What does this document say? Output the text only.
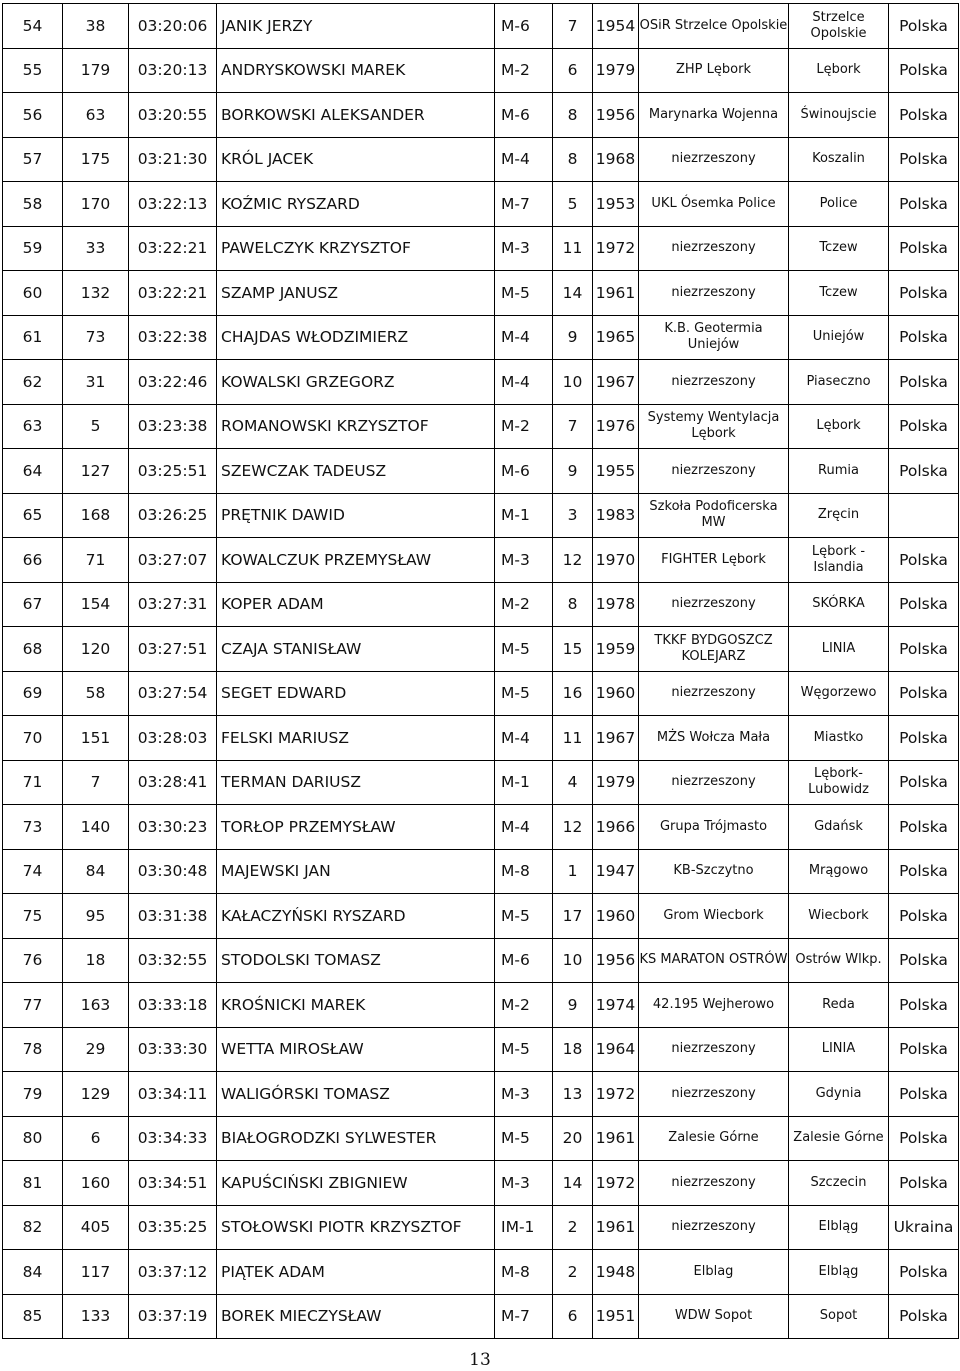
54	38	03:20:06	JANIK JERZY	M-6	7	1954	OSiR Strzelce Opolskie	Strzelce Opolskie	Polska
55	179	03:20:13	ANDRYSKOWSKI MAREK	M-2	6	1979	ZHP Lębork	Lębork	Polska
56	63	03:20:55	BORKOWSKI ALEKSANDER	M-6	8	1956	Marynarka Wojenna	Świnoujscie	Polska
57	175	03:21:30	KRÓL JACEK	M-4	8	1968	niezrzeszony	Koszalin	Polska
58	170	03:22:13	KOŹMIC RYSZARD	M-7	5	1953	UKL Ósemka Police	Police	Polska
59	33	03:22:21	PAWELCZYK KRZYSZTOF	M-3	11	1972	niezrzeszony	Tczew	Polska
60	132	03:22:21	SZAMP JANUSZ	M-5	14	1961	niezrzeszony	Tczew	Polska
61	73	03:22:38	CHAJDAS WŁODZIMIERZ	M-4	9	1965	K.B. Geotermia Uniejów	Uniejów	Polska
62	31	03:22:46	KOWALSKI GRZEGORZ	M-4	10	1967	niezrzeszony	Piaseczno	Polska
63	5	03:23:38	ROMANOWSKI KRZYSZTOF	M-2	7	1976	Systemy Wentylacja Lębork	Lębork	Polska
64	127	03:25:51	SZEWCZAK TADEUSZ	M-6	9	1955	niezrzeszony	Rumia	Polska
65	168	03:26:25	PRĘTNIK DAWID	M-1	3	1983	Szkoła Podoficerska MW	Zręcin	
66	71	03:27:07	KOWALCZUK PRZEMYSŁAW	M-3	12	1970	FIGHTER Lębork	Lębork - Islandia	Polska
67	154	03:27:31	KOPER ADAM	M-2	8	1978	niezrzeszony	SKÓRKA	Polska
68	120	03:27:51	CZAJA STANISŁAW	M-5	15	1959	TKKF BYDGOSZCZ KOLEJARZ	LINIA	Polska
69	58	03:27:54	SEGET EDWARD	M-5	16	1960	niezrzeszony	Węgorzewo	Polska
70	151	03:28:03	FELSKI MARIUSZ	M-4	11	1967	MŻS Wołcza Mała	Miastko	Polska
71	7	03:28:41	TERMAN DARIUSZ	M-1	4	1979	niezrzeszony	Lębork-Lubowidz	Polska
73	140	03:30:23	TORŁOP PRZEMYSŁAW	M-4	12	1966	Grupa Trójmasto	Gdańsk	Polska
74	84	03:30:48	MAJEWSKI JAN	M-8	1	1947	KB-Szczytno	Mrągowo	Polska
75	95	03:31:38	KAŁACZYŃSKI RYSZARD	M-5	17	1960	Grom Wiecbork	Wiecbork	Polska
76	18	03:32:55	STODOLSKI TOMASZ	M-6	10	1956	KS MARATON OSTRÓW	Ostrów Wlkp.	Polska
77	163	03:33:18	KROŚNICKI MAREK	M-2	9	1974	42.195 Wejherowo	Reda	Polska
78	29	03:33:30	WETTA MIROSŁAW	M-5	18	1964	niezrzeszony	LINIA	Polska
79	129	03:34:11	WALIGÓRSKI TOMASZ	M-3	13	1972	niezrzeszony	Gdynia	Polska
80	6	03:34:33	BIAŁOGRODZKI SYLWESTER	M-5	20	1961	Zalesie Górne	Zalesie Górne	Polska
81	160	03:34:51	KAPUŚCIŃSKI ZBIGNIEW	M-3	14	1972	niezrzeszony	Szczecin	Polska
82	405	03:35:25	STOŁOWSKI PIOTR KRZYSZTOF	IM-1	2	1961	niezrzeszony	Elbląg	Ukraina
84	117	03:37:12	PIĄTEK ADAM	M-8	2	1948	Elblag	Elbląg	Polska
85	133	03:37:19	BOREK MIECZYSŁAW	M-7	6	1951	WDW Sopot	Sopot	Polska
13
